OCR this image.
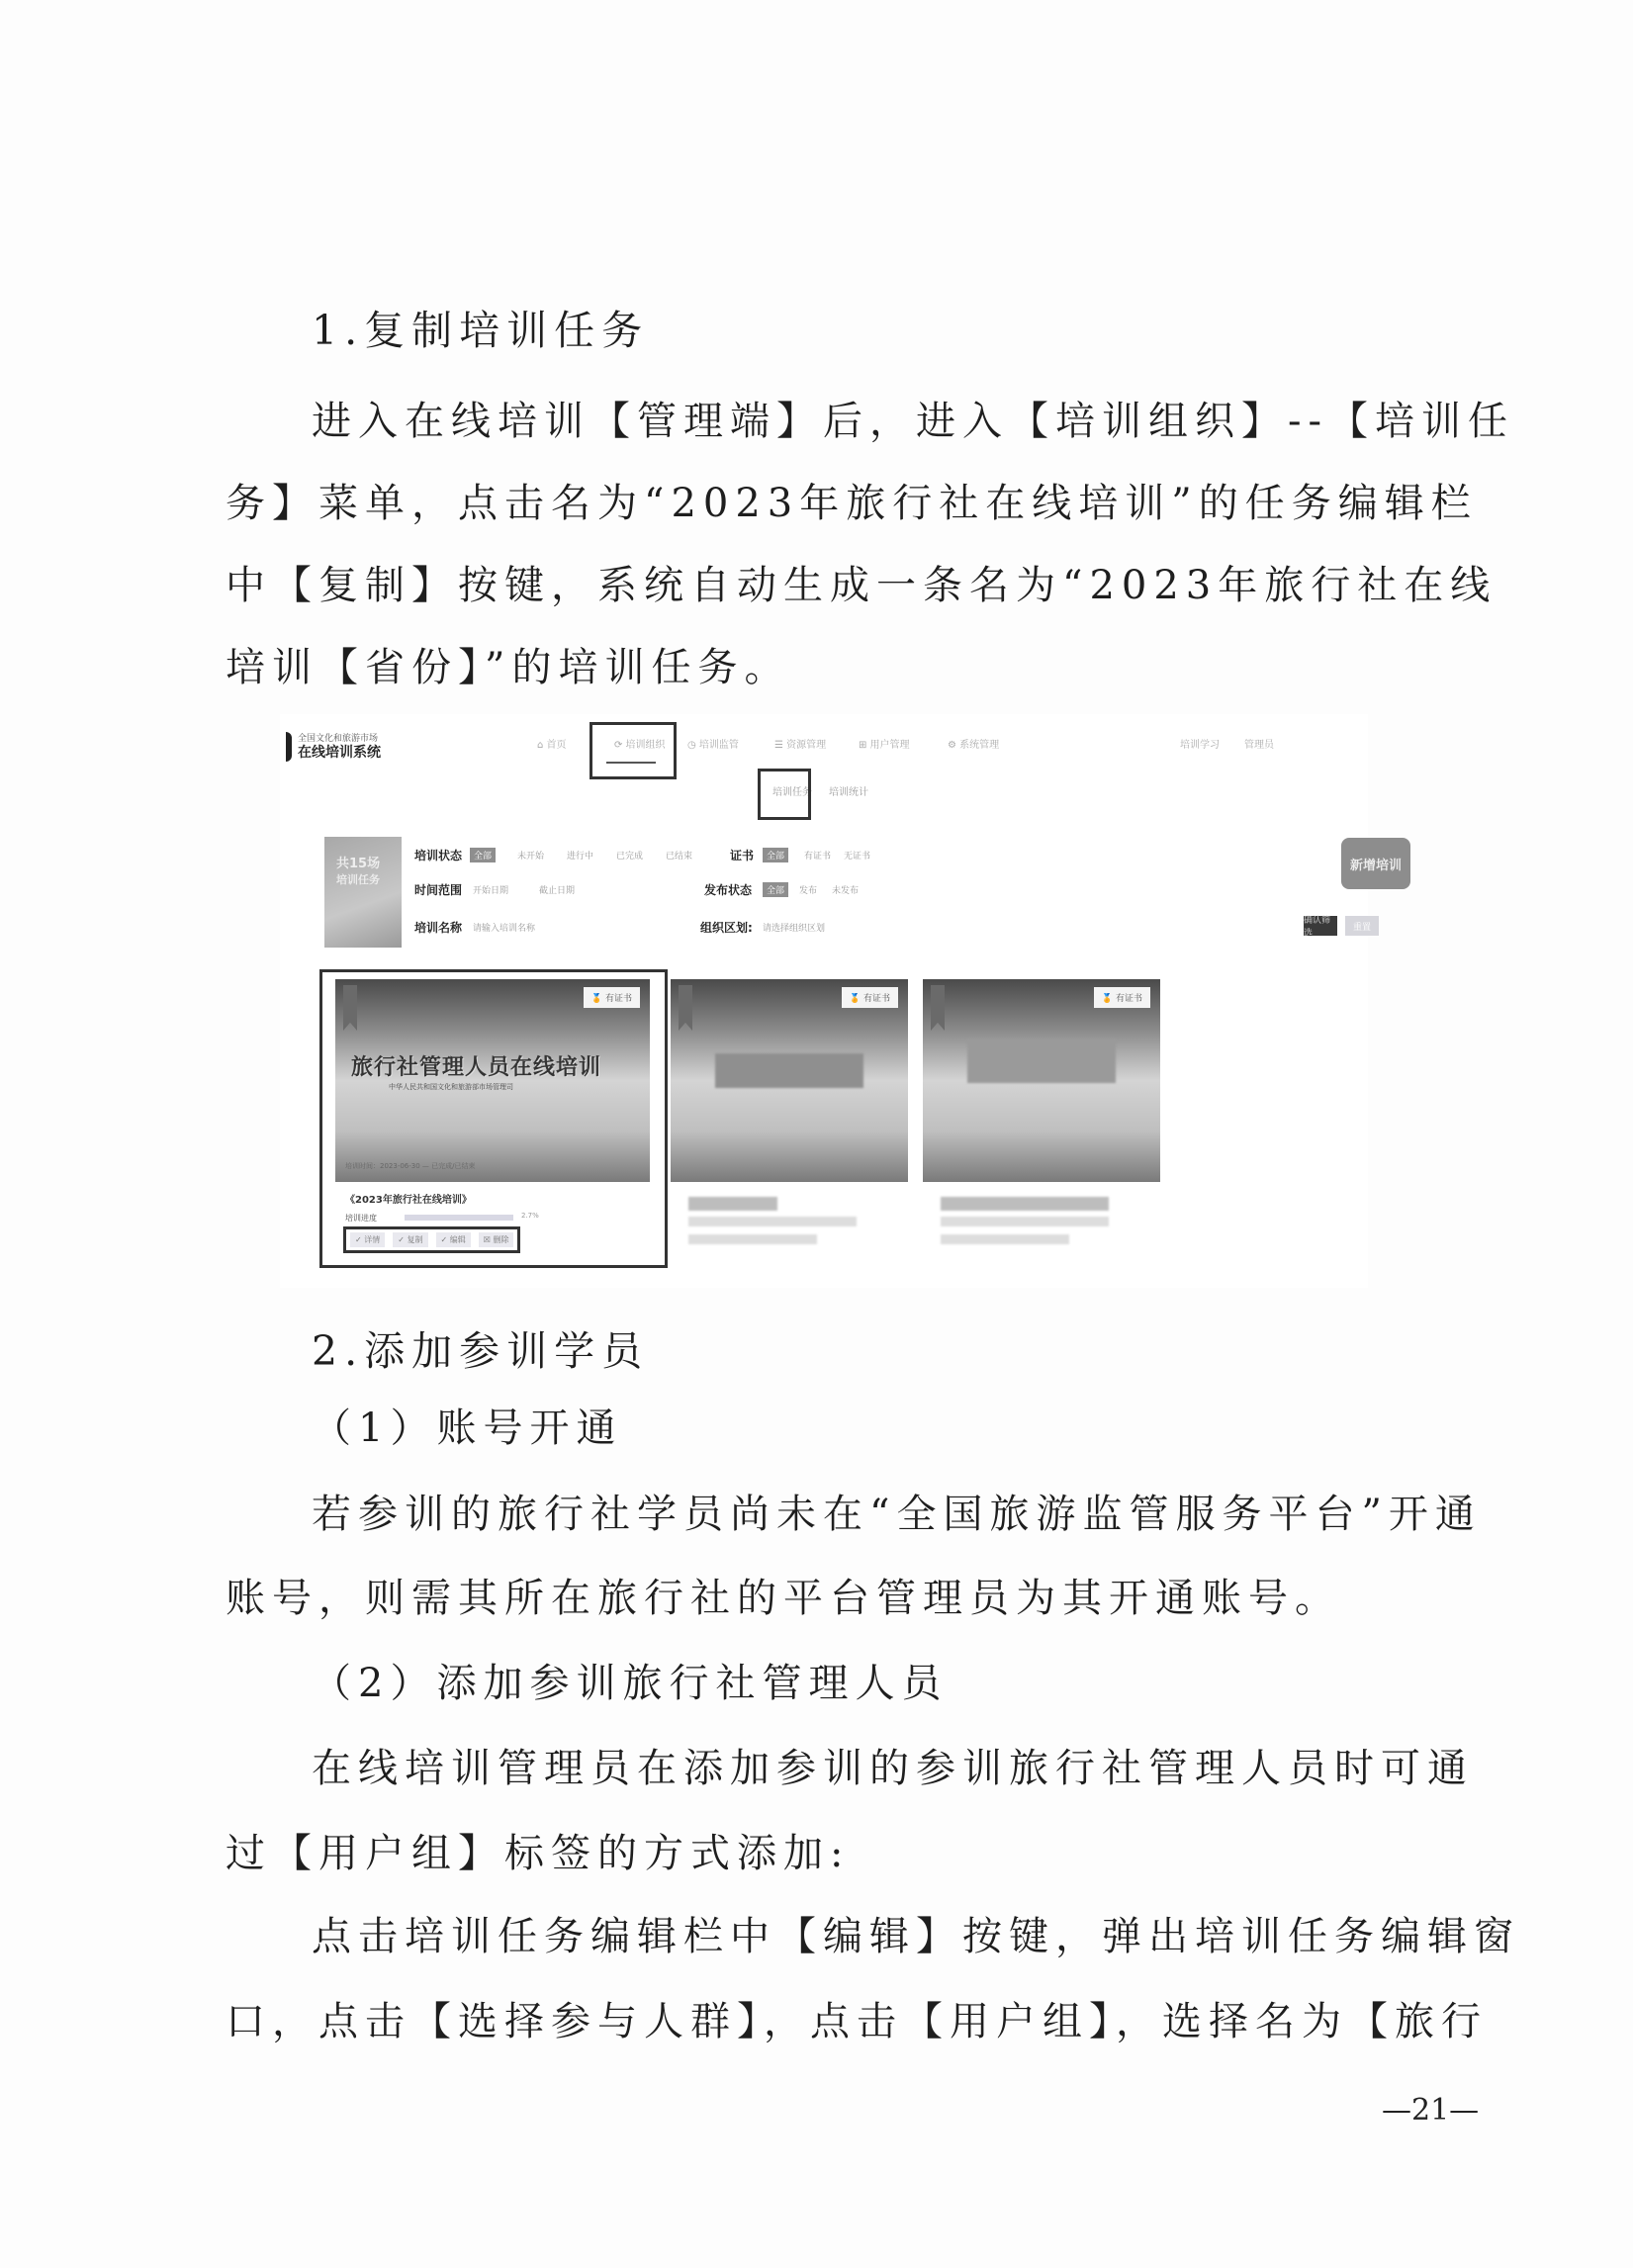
1.复制培训任务
进入在线培训【管理端】后，进入【培训组织】--【培训任
务】菜单，点击名为“2023年旅行社在线培训”的任务编辑栏
中【复制】按键，系统自动生成一条名为“2023年旅行社在线
培训【省份】”的培训任务。
全国文化和旅游市场
在线培训系统	⌂ 首页	⟳ 培训组织 ◷ 培训监管	☰ 资源管理	⊞ 用户管理	⚙ 系统管理	培训学习	管理员
培训任务 培训统计
共15场
培训任务
培训状态	全部	未开始	进行中	已完成	已结束	证书	全部	有证书 无证书
时间范围 开始日期	截止日期	发布状态	全部	发布 未发布
培训名称 请输入培训名称	组织区划: 请选择组织区划
新增培训
确认筛选
重置
🏅 有证书
旅行社管理人员在线培训
中华人民共和国文化和旅游部市场管理司
培训时间：2023-06-30 — 已完成/已结束
《2023年旅行社在线培训》
培训进度	2.7%
✓ 详情	✓ 复制	✓ 编辑	☒ 删除
🏅 有证书	🏅 有证书
2.添加参训学员
（1）账号开通
若参训的旅行社学员尚未在“全国旅游监管服务平台”开通
账号，则需其所在旅行社的平台管理员为其开通账号。
（2）添加参训旅行社管理人员
在线培训管理员在添加参训的参训旅行社管理人员时可通
过【用户组】标签的方式添加:
点击培训任务编辑栏中【编辑】按键，弹出培训任务编辑窗
口，点击【选择参与人群】，点击【用户组】，选择名为【旅行
—21—
